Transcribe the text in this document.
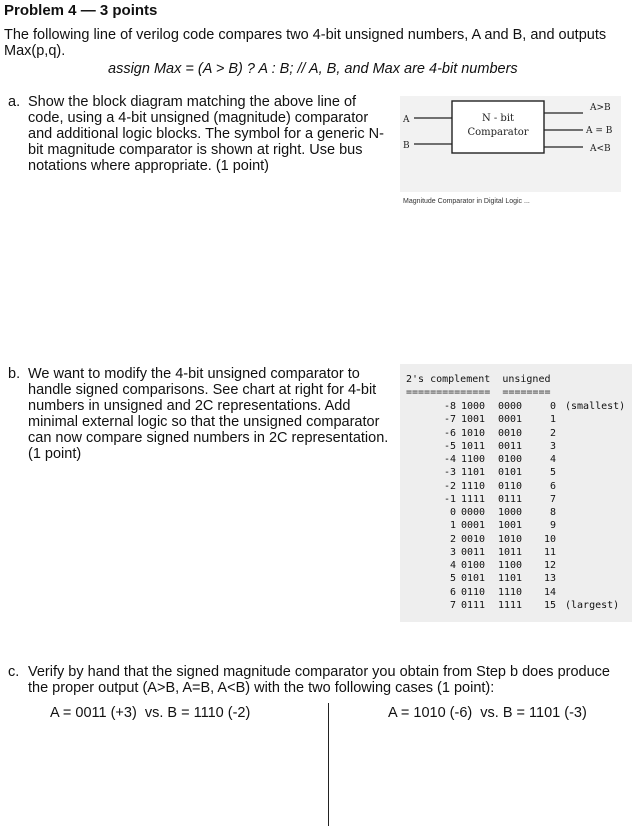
Problem 4 — 3 points
The following line of verilog code compares two 4-bit unsigned numbers, A and B, and outputs Max(p,q).
assign Max = (A > B) ? A : B; // A, B, and Max are 4-bit numbers
a. Show the block diagram matching the above line of code, using a 4-bit unsigned (magnitude) comparator and additional logic blocks. The symbol for a generic N-bit magnitude comparator is shown at right. Use bus notations where appropriate. (1 point)
A
B
N - bit
Comparator
A>B
A = B
A<B
Magnitude Comparator in Digital Logic ...
b. We want to modify the 4-bit unsigned comparator to handle signed comparisons. See chart at right for 4-bit numbers in unsigned and 2C representations. Add minimal external logic so that the unsigned comparator can now compare signed numbers in 2C representation. (1 point)
2's complement  unsigned
==============  ========
-8 1000 0000	0 (smallest)
-7 1001 0001	1
-6 1010 0010	2
-5 1011 0011	3
-4 1100 0100	4
-3 1101 0101	5
-2 1110 0110	6
-1 1111 0111	7
0 0000 1000	8
1 0001 1001	9
2 0010 1010	10
3 0011 1011	11
4 0100 1100	12
5 0101 1101	13
6 0110 1110	14
7 0111 1111	15 (largest)
c. Verify by hand that the signed magnitude comparator you obtain from Step b does produce the proper output (A>B, A=B, A<B) with the two following cases (1 point):
A = 0011 (+3)  vs. B = 1110 (-2)	A = 1010 (-6)  vs. B = 1101 (-3)
